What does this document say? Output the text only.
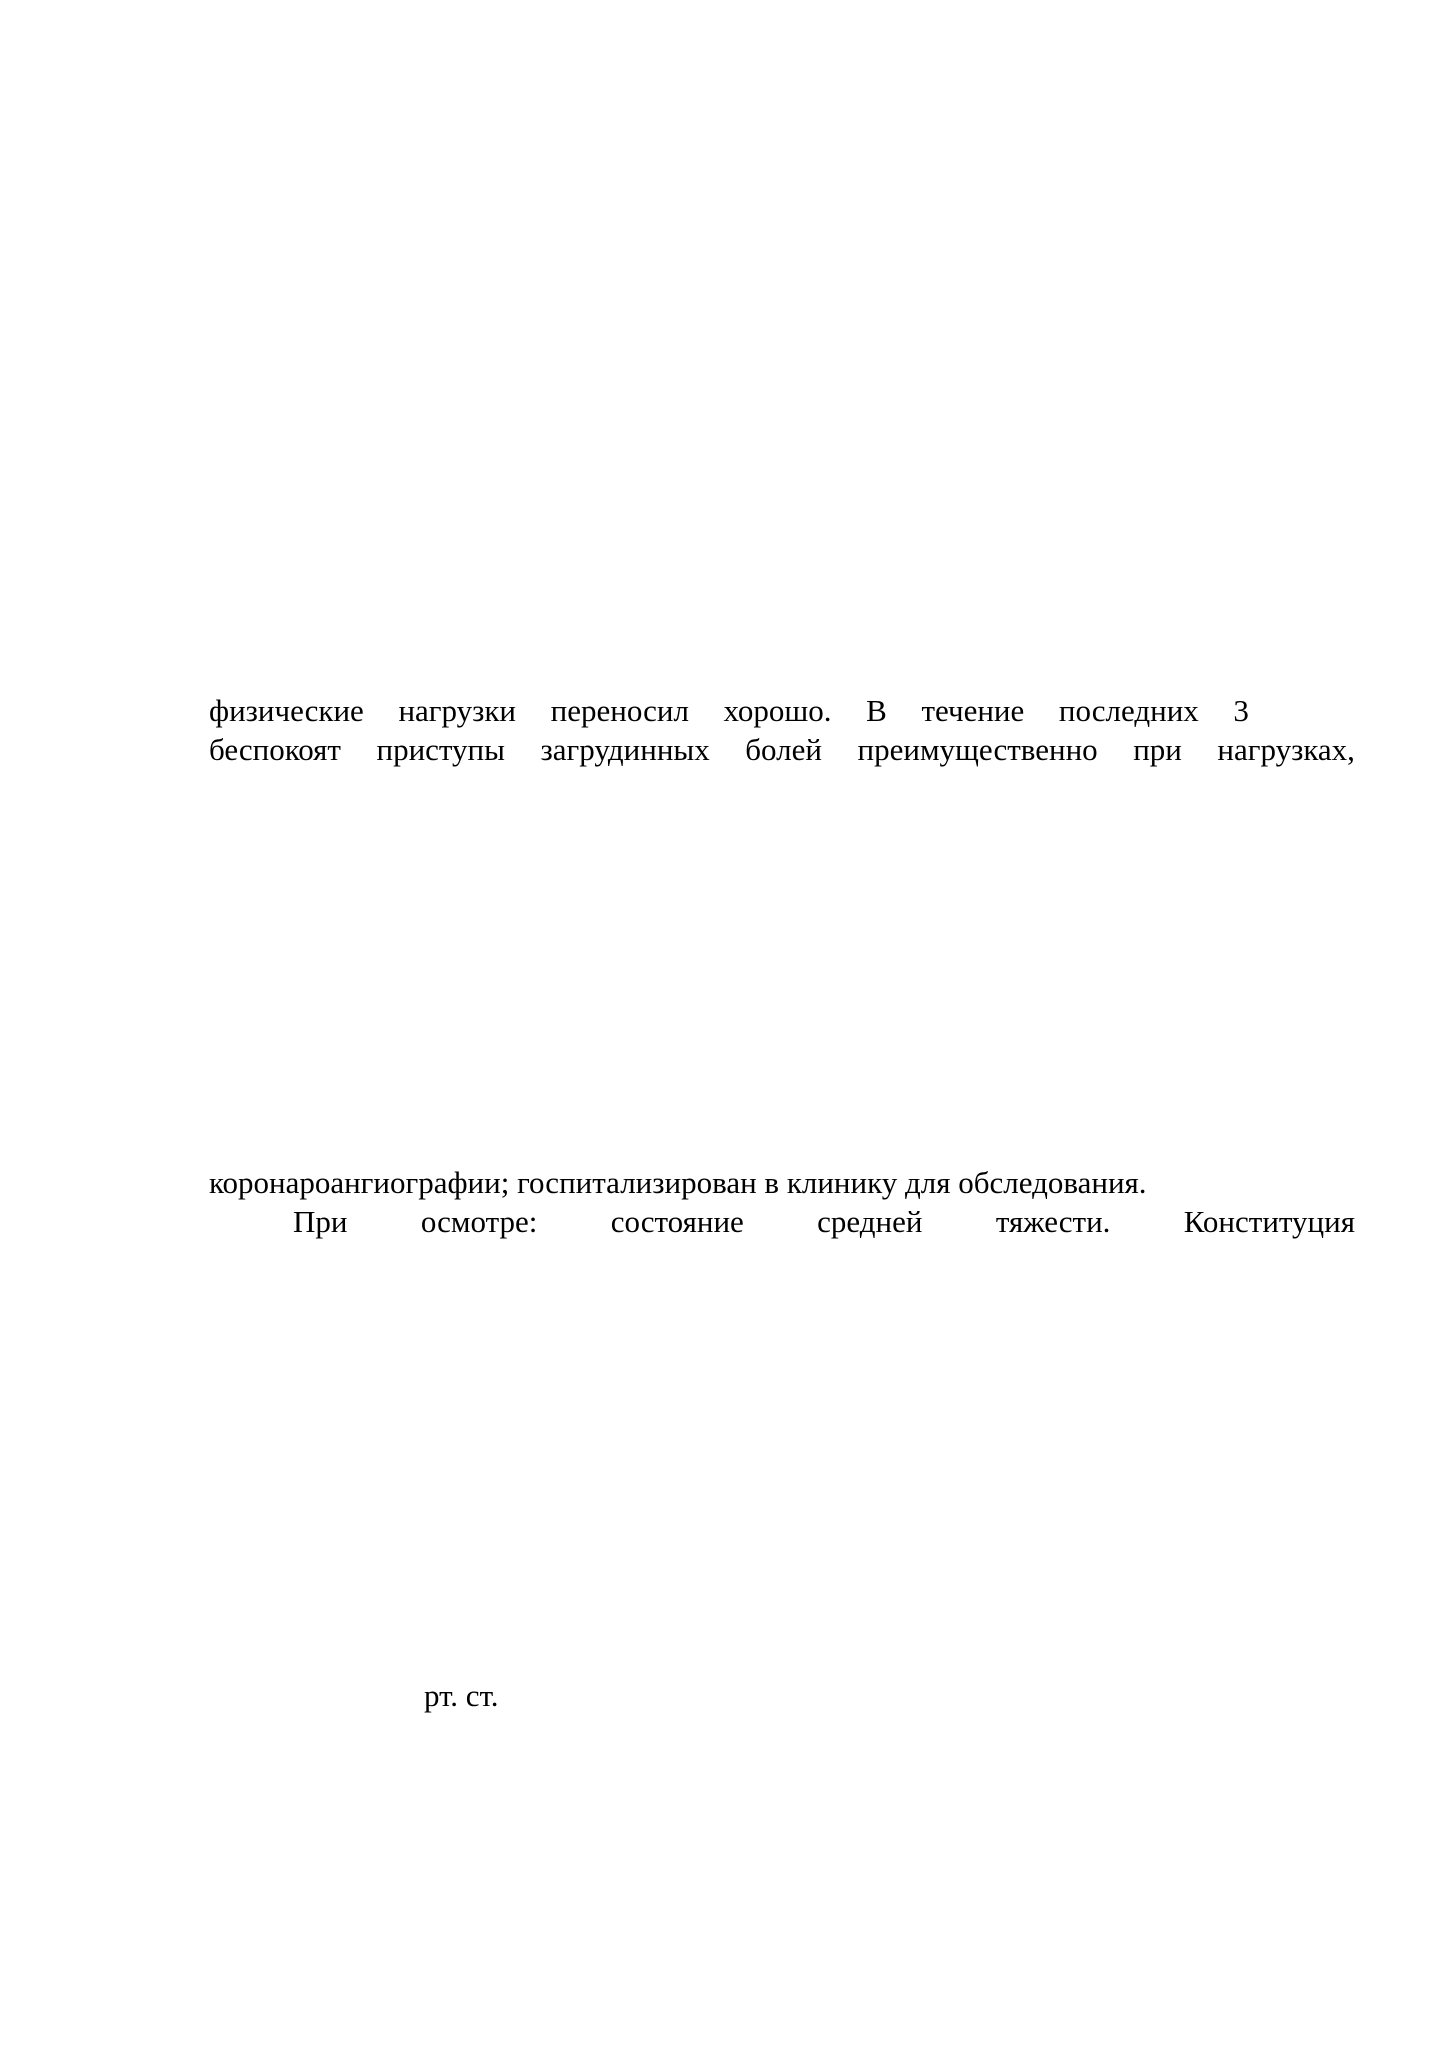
физические нагрузки переносил хорошо. В течение последних 3
беспокоят приступы загрудинных болей преимущественно при нагрузках,
коронароангиографии; госпитализирован в клинику для обследования.
При осмотре: состояние средней тяжести. Конституция
рт. ст.
